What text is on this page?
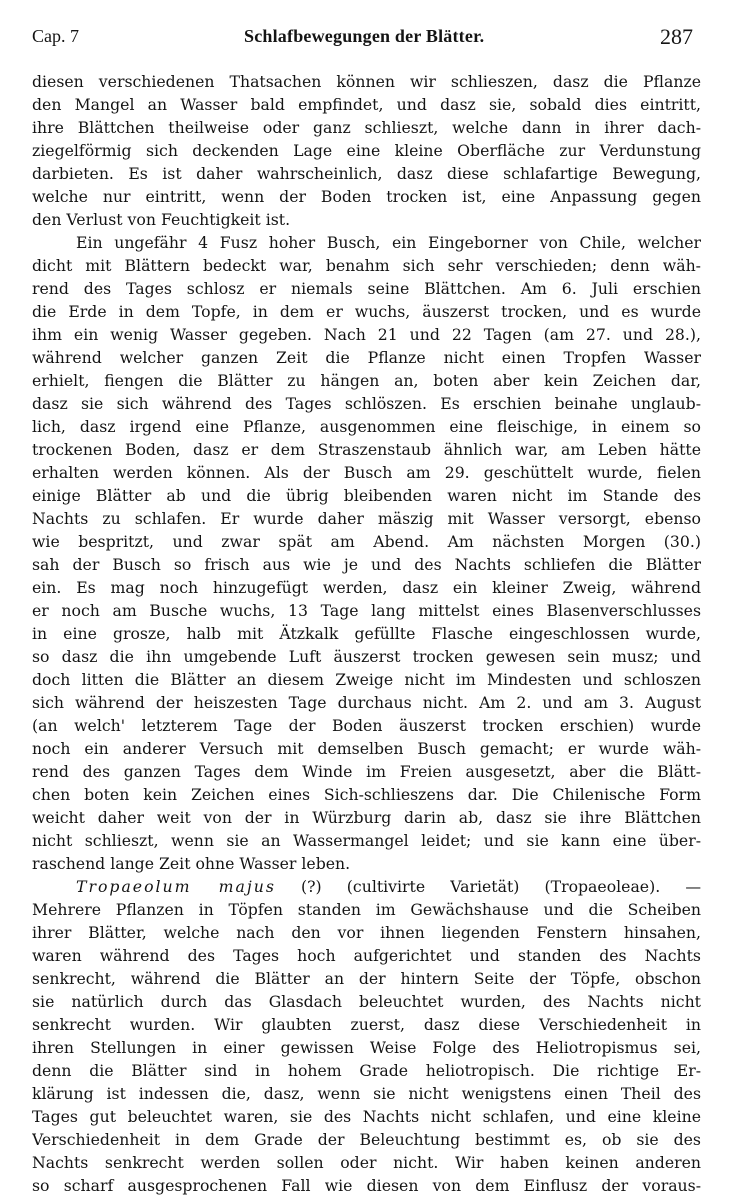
Cap. 7	Schlafbewegungen der Blätter.	287
diesen verschiedenen Thatsachen können wir schlieszen, dasz die Pflanze
den Mangel an Wasser bald empfindet, und dasz sie, sobald dies eintritt,
ihre Blättchen theilweise oder ganz schlieszt, welche dann in ihrer dach-
ziegelförmig sich deckenden Lage eine kleine Oberfläche zur Verdunstung
darbieten. Es ist daher wahrscheinlich, dasz diese schlafartige Bewegung,
welche nur eintritt, wenn der Boden trocken ist, eine Anpassung gegen
den Verlust von Feuchtigkeit ist.
Ein ungefähr 4 Fusz hoher Busch, ein Eingeborner von Chile, welcher
dicht mit Blättern bedeckt war, benahm sich sehr verschieden; denn wäh-
rend des Tages schlosz er niemals seine Blättchen. Am 6. Juli erschien
die Erde in dem Topfe, in dem er wuchs, äuszerst trocken, und es wurde
ihm ein wenig Wasser gegeben. Nach 21 und 22 Tagen (am 27. und 28.),
während welcher ganzen Zeit die Pflanze nicht einen Tropfen Wasser
erhielt, fiengen die Blätter zu hängen an, boten aber kein Zeichen dar,
dasz sie sich während des Tages schlöszen. Es erschien beinahe unglaub-
lich, dasz irgend eine Pflanze, ausgenommen eine fleischige, in einem so
trockenen Boden, dasz er dem Straszenstaub ähnlich war, am Leben hätte
erhalten werden können. Als der Busch am 29. geschüttelt wurde, fielen
einige Blätter ab und die übrig bleibenden waren nicht im Stande des
Nachts zu schlafen. Er wurde daher mäszig mit Wasser versorgt, ebenso
wie bespritzt, und zwar spät am Abend. Am nächsten Morgen (30.)
sah der Busch so frisch aus wie je und des Nachts schliefen die Blätter
ein. Es mag noch hinzugefügt werden, dasz ein kleiner Zweig, während
er noch am Busche wuchs, 13 Tage lang mittelst eines Blasenverschlusses
in eine grosze, halb mit Ätzkalk gefüllte Flasche eingeschlossen wurde,
so dasz die ihn umgebende Luft äuszerst trocken gewesen sein musz; und
doch litten die Blätter an diesem Zweige nicht im Mindesten und schloszen
sich während der heiszesten Tage durchaus nicht. Am 2. und am 3. August
(an welch' letzterem Tage der Boden äuszerst trocken erschien) wurde
noch ein anderer Versuch mit demselben Busch gemacht; er wurde wäh-
rend des ganzen Tages dem Winde im Freien ausgesetzt, aber die Blätt-
chen boten kein Zeichen eines Sich-schlieszens dar. Die Chilenische Form
weicht daher weit von der in Würzburg darin ab, dasz sie ihre Blättchen
nicht schlieszt, wenn sie an Wassermangel leidet; und sie kann eine über-
raschend lange Zeit ohne Wasser leben.
Tropaeolum majus (?) (cultivirte Varietät) (Tropaeoleae). —
Mehrere Pflanzen in Töpfen standen im Gewächshause und die Scheiben
ihrer Blätter, welche nach den vor ihnen liegenden Fenstern hinsahen,
waren während des Tages hoch aufgerichtet und standen des Nachts
senkrecht, während die Blätter an der hintern Seite der Töpfe, obschon
sie natürlich durch das Glasdach beleuchtet wurden, des Nachts nicht
senkrecht wurden. Wir glaubten zuerst, dasz diese Verschiedenheit in
ihren Stellungen in einer gewissen Weise Folge des Heliotropismus sei,
denn die Blätter sind in hohem Grade heliotropisch. Die richtige Er-
klärung ist indessen die, dasz, wenn sie nicht wenigstens einen Theil des
Tages gut beleuchtet waren, sie des Nachts nicht schlafen, und eine kleine
Verschiedenheit in dem Grade der Beleuchtung bestimmt es, ob sie des
Nachts senkrecht werden sollen oder nicht. Wir haben keinen anderen
so scharf ausgesprochenen Fall wie diesen von dem Einflusz der voraus-
